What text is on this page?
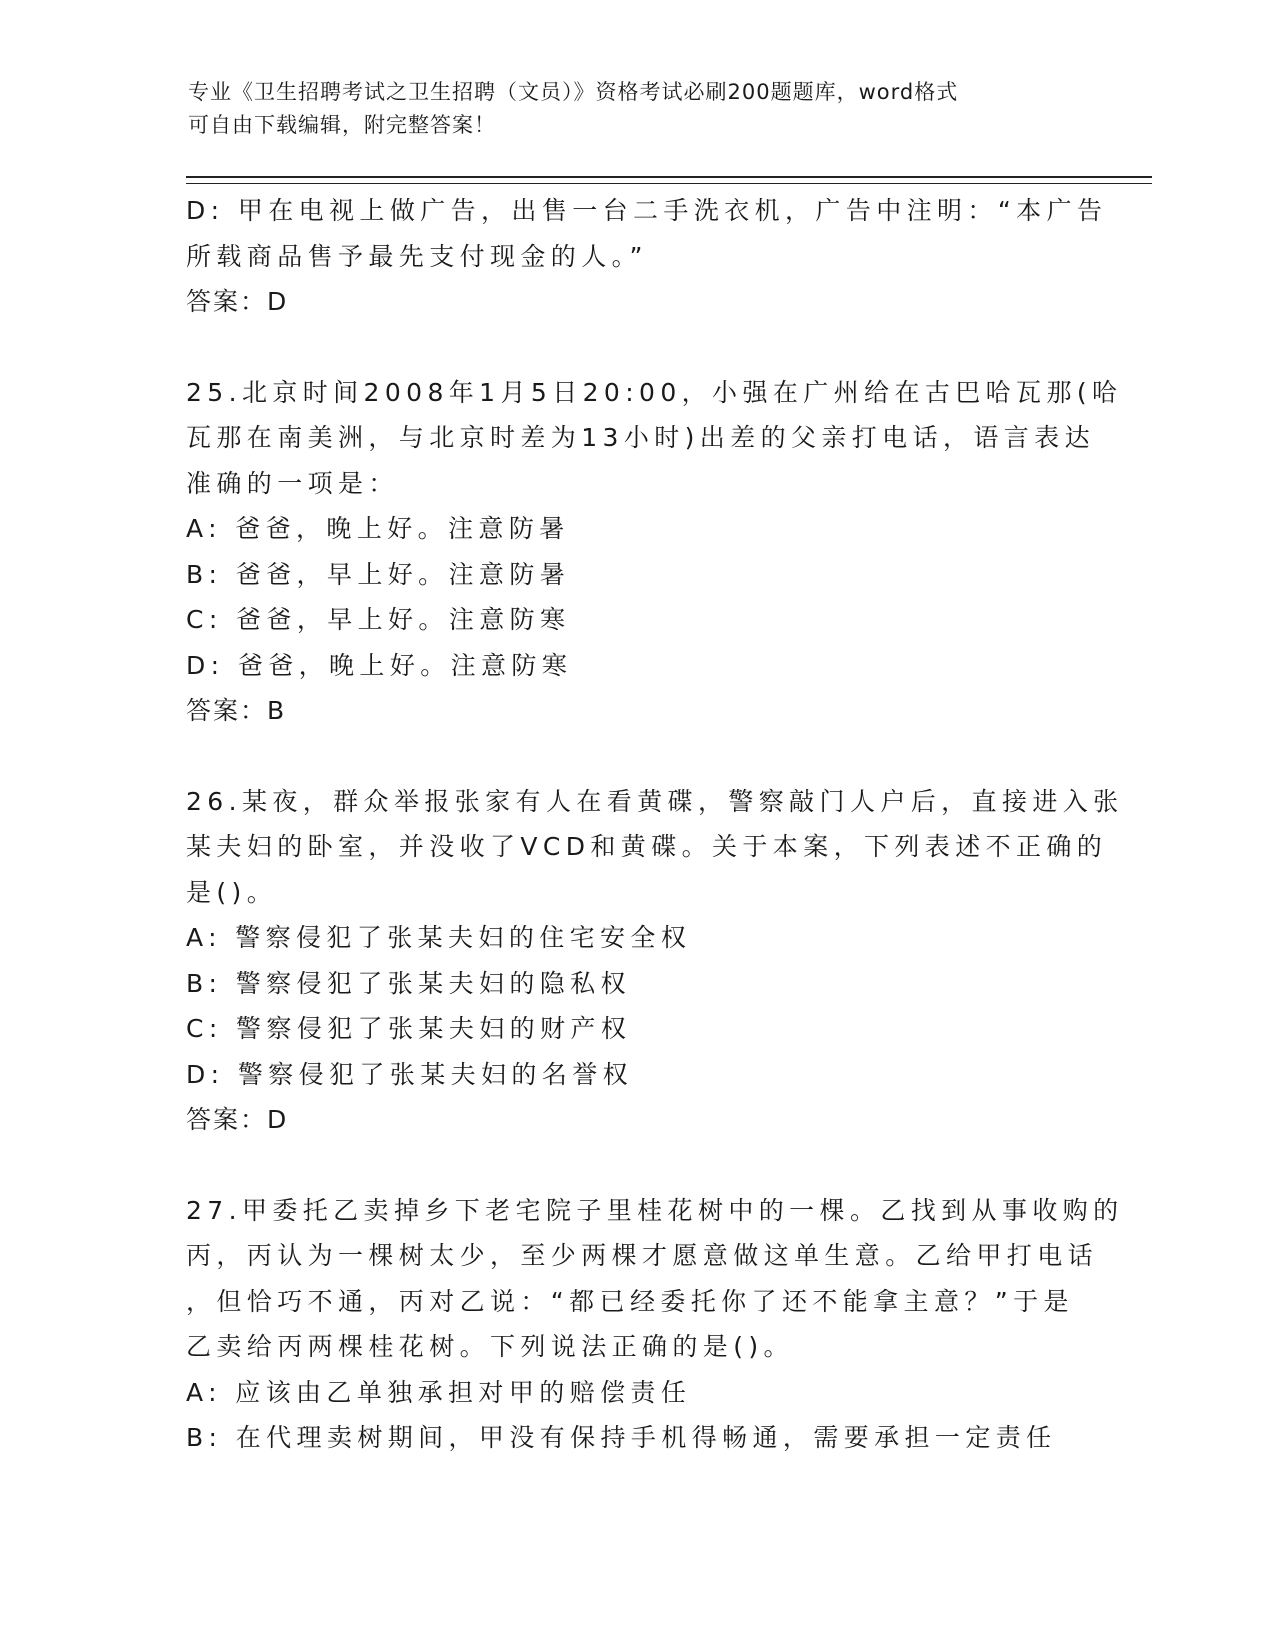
专业《卫生招聘考试之卫生招聘（文员）》资格考试必刷200题题库，word格式
可自由下载编辑，附完整答案！
D: 甲在电视上做广告，出售一台二手洗衣机，广告中注明：“本广告
所载商品售予最先支付现金的人。”
答案：D
25.北京时间2008年1月5日20:00，小强在广州给在古巴哈瓦那(哈
瓦那在南美洲，与北京时差为13小时)出差的父亲打电话，语言表达
准确的一项是：
A: 爸爸，晚上好。注意防暑
B: 爸爸，早上好。注意防暑
C: 爸爸，早上好。注意防寒
D: 爸爸，晚上好。注意防寒
答案：B
26.某夜，群众举报张家有人在看黄碟，警察敲门人户后，直接进入张
某夫妇的卧室，并没收了VCD和黄碟。关于本案，下列表述不正确的
是()。
A: 警察侵犯了张某夫妇的住宅安全权
B: 警察侵犯了张某夫妇的隐私权
C: 警察侵犯了张某夫妇的财产权
D: 警察侵犯了张某夫妇的名誉权
答案：D
27.甲委托乙卖掉乡下老宅院子里桂花树中的一棵。乙找到从事收购的
丙，丙认为一棵树太少，至少两棵才愿意做这单生意。乙给甲打电话
，但恰巧不通，丙对乙说：“都已经委托你了还不能拿主意？”于是
乙卖给丙两棵桂花树。下列说法正确的是()。
A: 应该由乙单独承担对甲的赔偿责任
B: 在代理卖树期间，甲没有保持手机得畅通，需要承担一定责任
